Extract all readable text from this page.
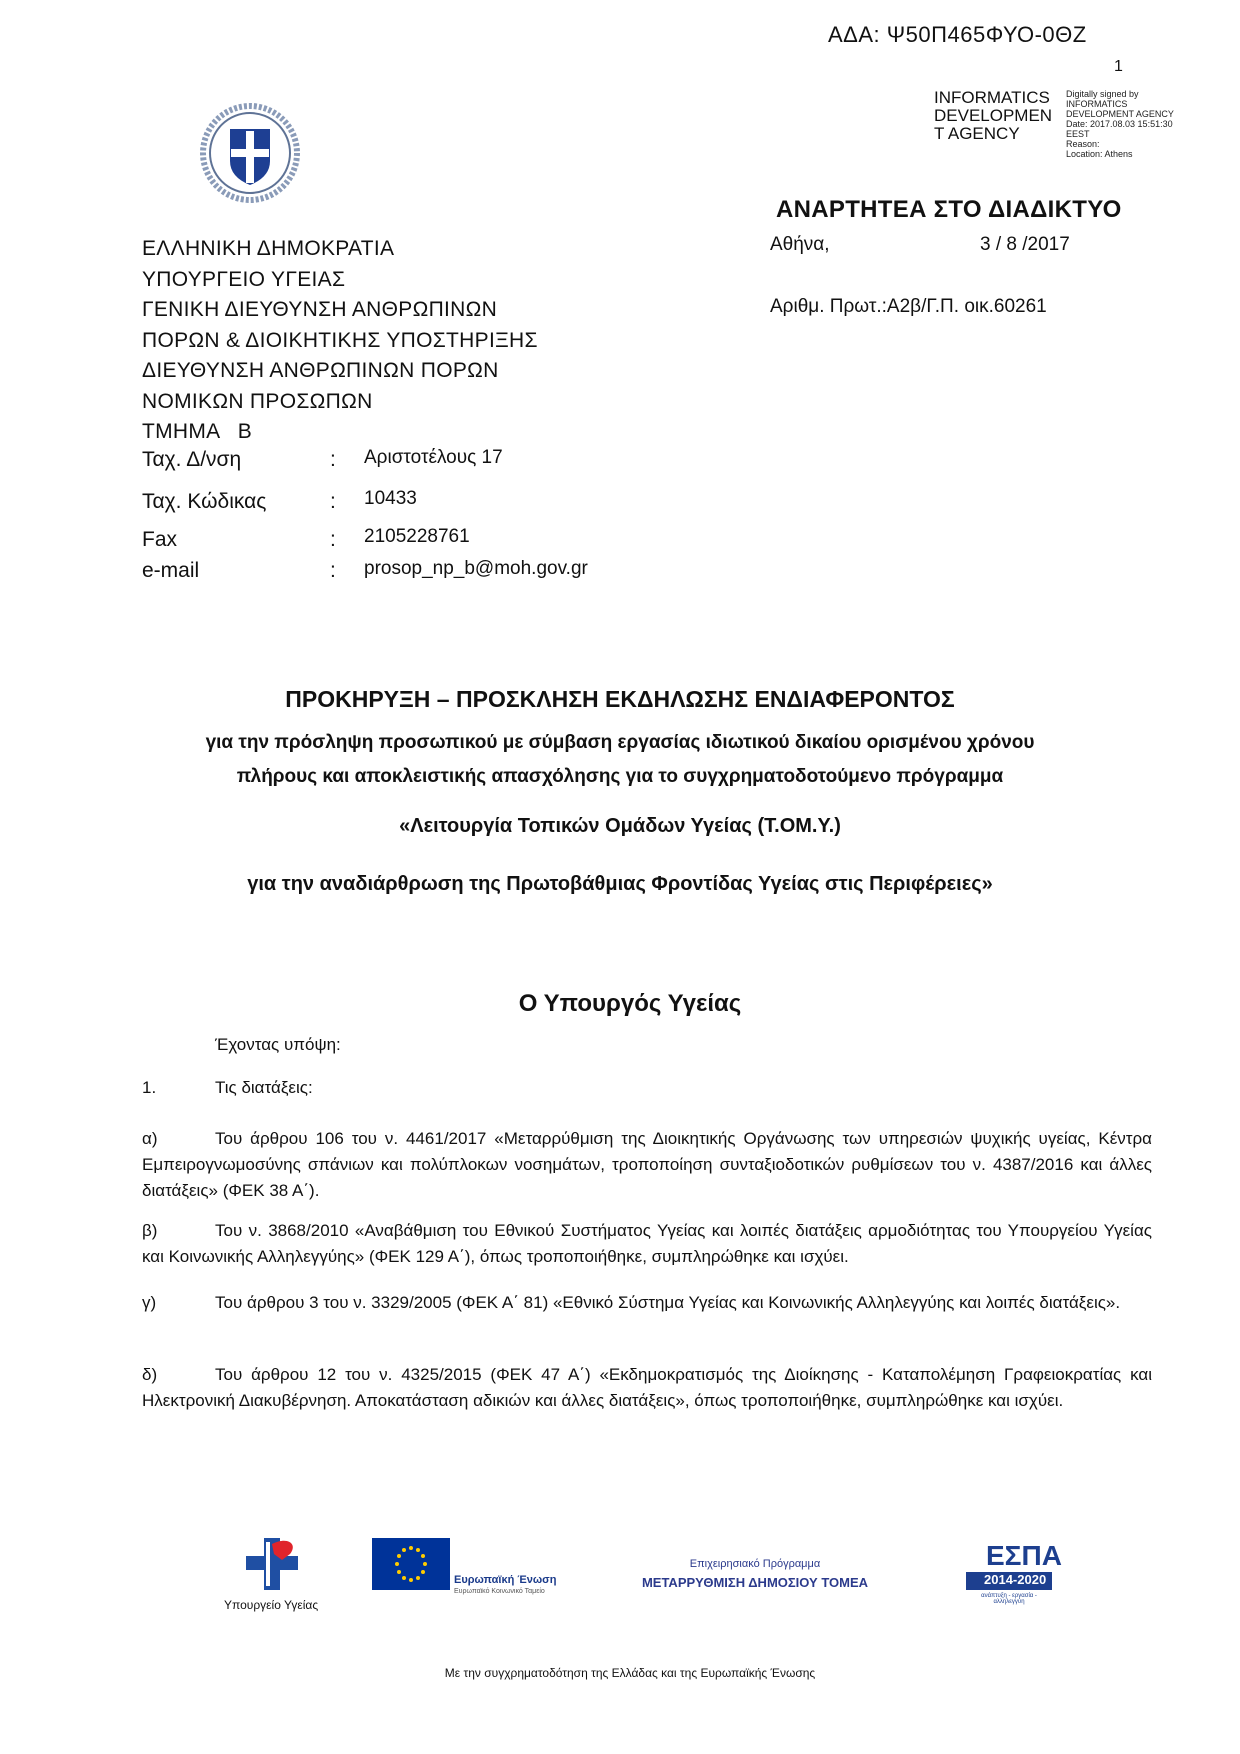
ΑΔΑ: Ψ50Π465ΦΥΟ-0ΘΖ
1
INFORMATICS
DEVELOPMEN
T AGENCY
Digitally signed by
INFORMATICS
DEVELOPMENT AGENCY
Date: 2017.08.03 15:51:30
EEST
Reason:
Location: Athens
ΑΝΑΡΤΗΤΕΑ ΣΤΟ ΔΙΑΔΙΚΤΥΟ
Αθήνα,	3 / 8 /2017
Αριθμ. Πρωτ.:Α2β/Γ.Π. οικ.60261
ΕΛΛΗΝΙΚΗ ΔΗΜΟΚΡΑΤΙΑ
ΥΠΟΥΡΓΕΙΟ ΥΓΕΙΑΣ
ΓΕΝΙΚΗ ΔΙΕΥΘΥΝΣΗ ΑΝΘΡΩΠΙΝΩΝ
ΠΟΡΩΝ & ΔΙΟΙΚΗΤΙΚΗΣ ΥΠΟΣΤΗΡΙΞΗΣ
ΔΙΕΥΘΥΝΣΗ ΑΝΘΡΩΠΙΝΩΝ ΠΟΡΩΝ
ΝΟΜΙΚΩΝ ΠΡΟΣΩΠΩΝ
ΤΜΗΜΑ   Β
Ταχ. Δ/νση	: Αριστοτέλους 17
Ταχ. Κώδικας	: 10433
Fax	: 2105228761
e-mail	: prosop_np_b@moh.gov.gr
ΠΡΟΚΗΡΥΞΗ – ΠΡΟΣΚΛΗΣΗ ΕΚΔΗΛΩΣΗΣ ΕΝΔΙΑΦΕΡΟΝΤΟΣ
για την πρόσληψη προσωπικού με σύμβαση εργασίας ιδιωτικού δικαίου ορισμένου χρόνου
πλήρους και αποκλειστικής απασχόλησης για το συγχρηματοδοτούμενο πρόγραμμα
«Λειτουργία Τοπικών Ομάδων Υγείας (Τ.ΟΜ.Υ.)
για την αναδιάρθρωση της Πρωτοβάθμιας Φροντίδας Υγείας στις Περιφέρειες»
Ο Υπουργός Υγείας
Έχοντας υπόψη:
1.	Τις διατάξεις:
α)	Του άρθρου 106 του ν. 4461/2017 «Μεταρρύθμιση της Διοικητικής Οργάνωσης των υπηρεσιών ψυχικής υγείας, Κέντρα Εμπειρογνωμοσύνης σπάνιων και πολύπλοκων νοσημάτων, τροποποίηση συνταξιοδοτικών ρυθμίσεων του ν. 4387/2016 και άλλες διατάξεις» (ΦΕΚ 38 Α΄).
β)	Του ν. 3868/2010 «Αναβάθμιση του Εθνικού Συστήματος Υγείας και λοιπές διατάξεις αρμοδιότητας του Υπουργείου Υγείας και Κοινωνικής Αλληλεγγύης» (ΦΕΚ 129 Α΄), όπως τροποποιήθηκε, συμπληρώθηκε και ισχύει.
γ)	Του άρθρου 3 του ν. 3329/2005 (ΦΕΚ Α΄ 81) «Εθνικό Σύστημα Υγείας και Κοινωνικής Αλληλεγγύης και λοιπές διατάξεις».
δ)	Του άρθρου 12 του ν. 4325/2015 (ΦΕΚ 47 Α΄) «Εκδημοκρατισμός της Διοίκησης - Καταπολέμηση Γραφειοκρατίας και Ηλεκτρονική Διακυβέρνηση. Αποκατάσταση αδικιών και άλλες διατάξεις», όπως τροποποιήθηκε, συμπληρώθηκε και ισχύει.
Υπουργείο Υγείας
Ευρωπαϊκή Ένωση
Ευρωπαϊκό Κοινωνικό Ταμείο
Επιχειρησιακό Πρόγραμμα
ΜΕΤΑΡΡΥΘΜΙΣΗ ΔΗΜΟΣΙΟΥ ΤΟΜΕΑ
ΕΣΠΑ
2014-2020
ανάπτυξη - εργασία - αλληλεγγύη
Με την συγχρηματοδότηση της Ελλάδας και της Ευρωπαϊκής Ένωσης
